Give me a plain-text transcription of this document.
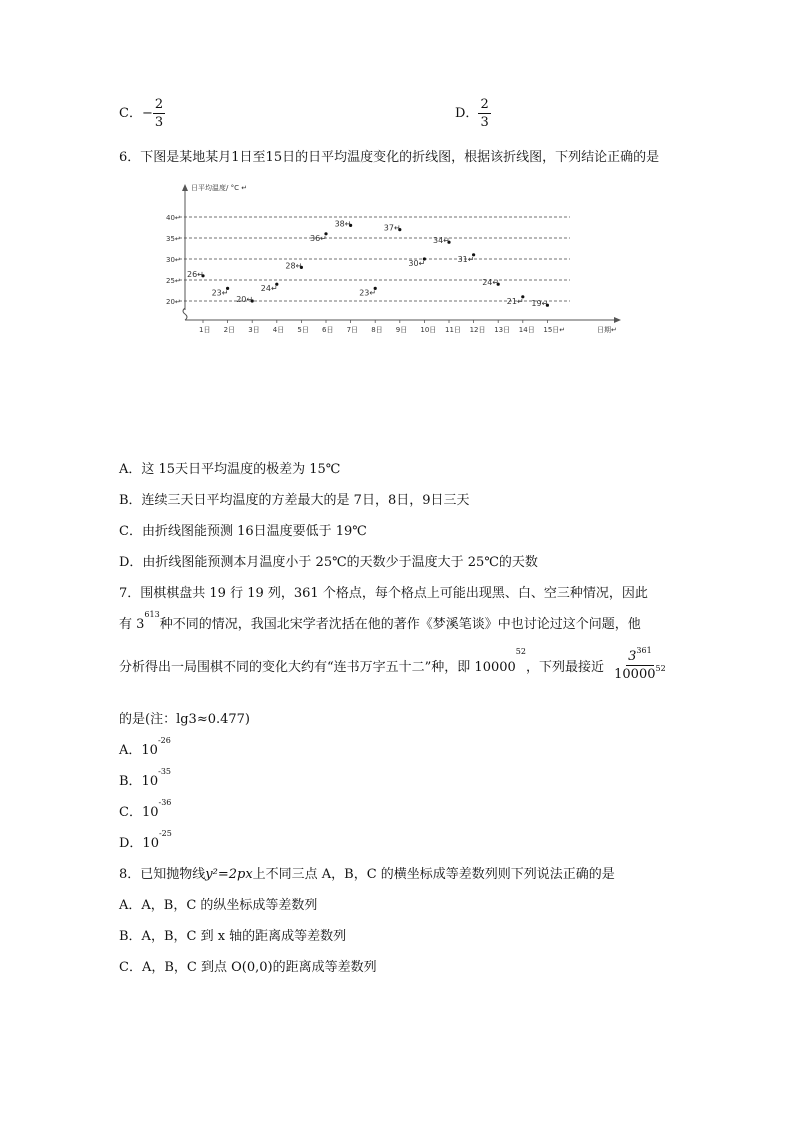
C．− $\frac{2}{3}$	D． $\frac{2}{3}$
6．下图是某地某月1日至15日的日平均温度变化的折线图，根据该折线图，下列结论正确的是
日平均温度/ °C ↵
日期↵
20↵
25↵
30↵
35↵
40↵
1日 2日 3日 4日 5日 6日 7日 8日 9日 10日 11日 12日 13日 14日 15日↵
26↵
23↵
20↵
24↵
28↵
36↵
38↵
23↵
37↵
30↵
34↵
31↵
24↵
21↵ 19↵
A．这 15天日平均温度的极差为 15℃
B．连续三天日平均温度的方差最大的是 7日，8日，9日三天
C．由折线图能预测 16日温度要低于 19℃
D．由折线图能预测本月温度小于 25℃的天数少于温度大于 25℃的天数
7．围棋棋盘共 19 行 19 列，361 个格点，每个格点上可能出现黑、白、空三种情况，因此
有 $3^{613}$种不同的情况，我国北宋学者沈括在他的著作《梦溪笔谈》中也讨论过这个问题，他
分析得出一局围棋不同的变化大约有“连书万字五十二”种，即 10000$^{52}$，下列最接近 $\frac{3^{361}}{10000^{52}}$
的是(注：lg3≈0.477)
A．$10^{-26}$
B．$10^{-35}$
C．$10^{-36}$
D．$10^{-25}$
8．已知抛物线y²=2px上不同三点 A，B，C 的横坐标成等差数列则下列说法正确的是
A．A，B，C 的纵坐标成等差数列
B．A，B，C 到 x 轴的距离成等差数列
C．A，B，C 到点 O(0,0)的距离成等差数列
